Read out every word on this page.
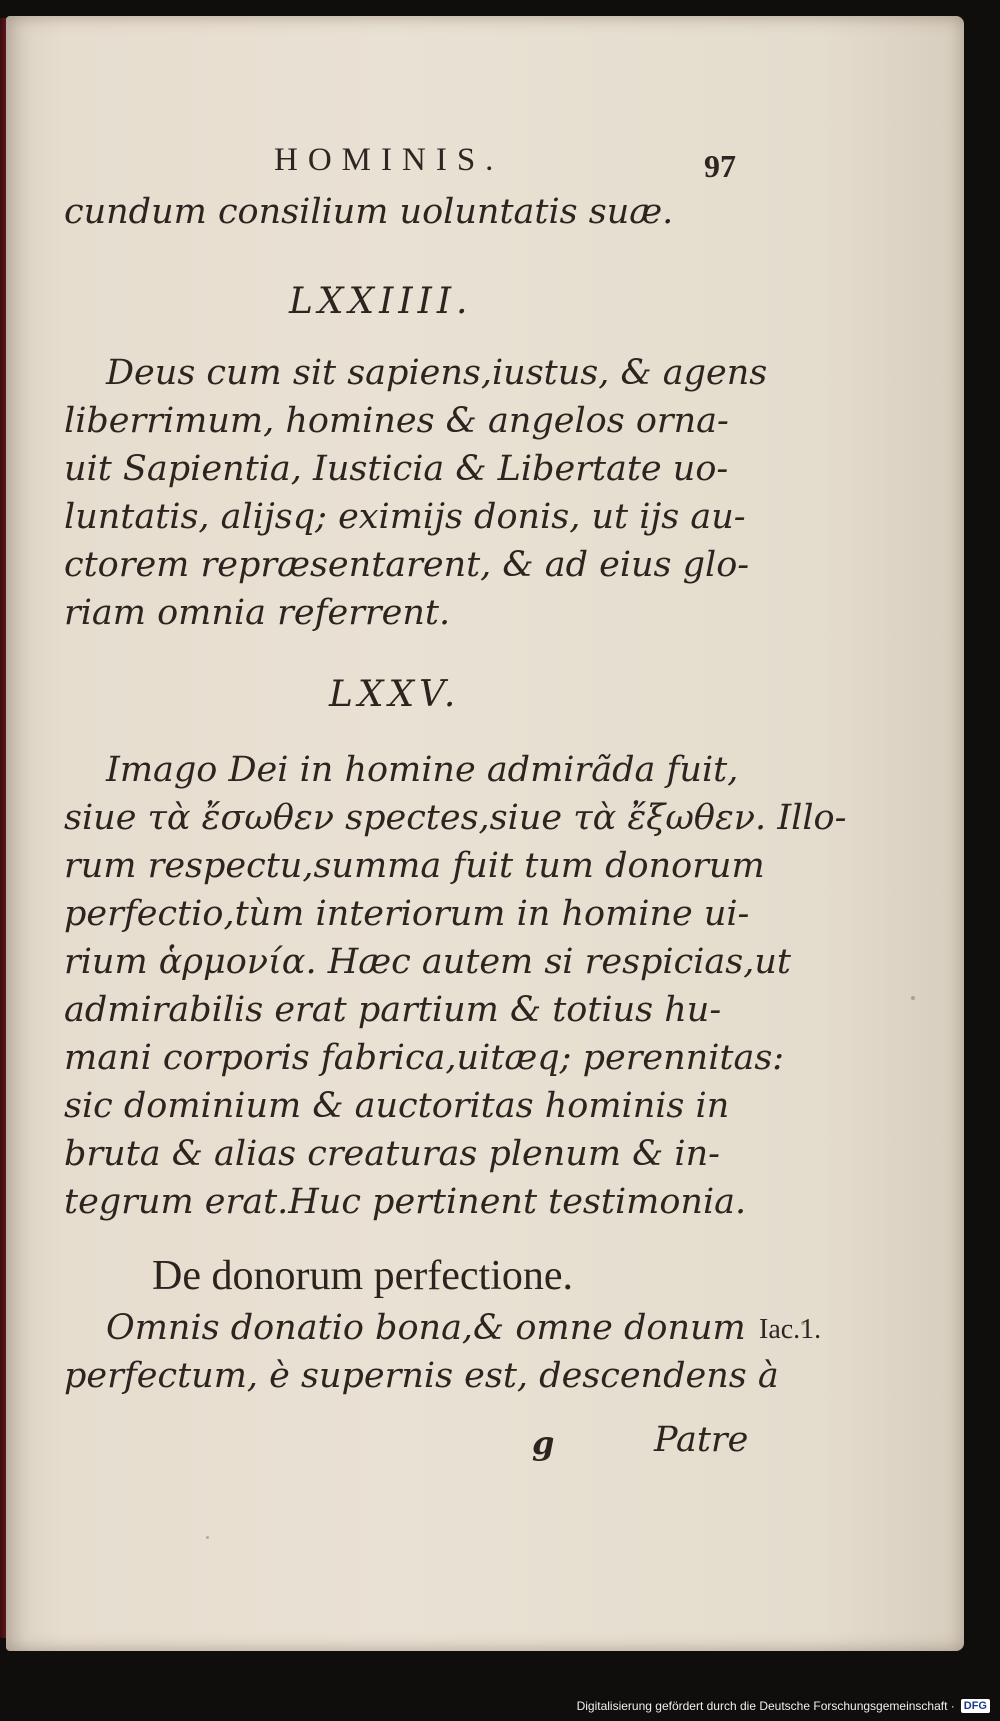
HOMINIS.	97
cundum consilium uoluntatis suæ.
LXXIIII.
Deus cum sit sapiens,iustus, & agens
liberrimum, homines & angelos orna-
uit Sapientia, Iusticia & Libertate uo-
luntatis, alijsq; eximijs donis, ut ijs au-
ctorem repræsentarent, & ad eius glo-
riam omnia referrent.
LXXV.
Imago Dei in homine admirãda fuit,
siue τὰ ἔσωθεν spectes,siue τὰ ἔξωθεν. Illo-
rum respectu,summa fuit tum donorum
perfectio,tùm interiorum in homine ui-
rium ἁρμονία. Hæc autem si respicias,ut
admirabilis erat partium & totius hu-
mani corporis fabrica,uitæq; perennitas:
sic dominium & auctoritas hominis in
bruta & alias creaturas plenum & in-
tegrum erat.Huc pertinent testimonia.
De donorum perfectione.
Omnis donatio bona,& omne donum
perfectum, è supernis est, descendens à
Iac.1.
g	Patre
Digitalisierung gefördert durch die Deutsche Forschungsgemeinschaft · DFG
